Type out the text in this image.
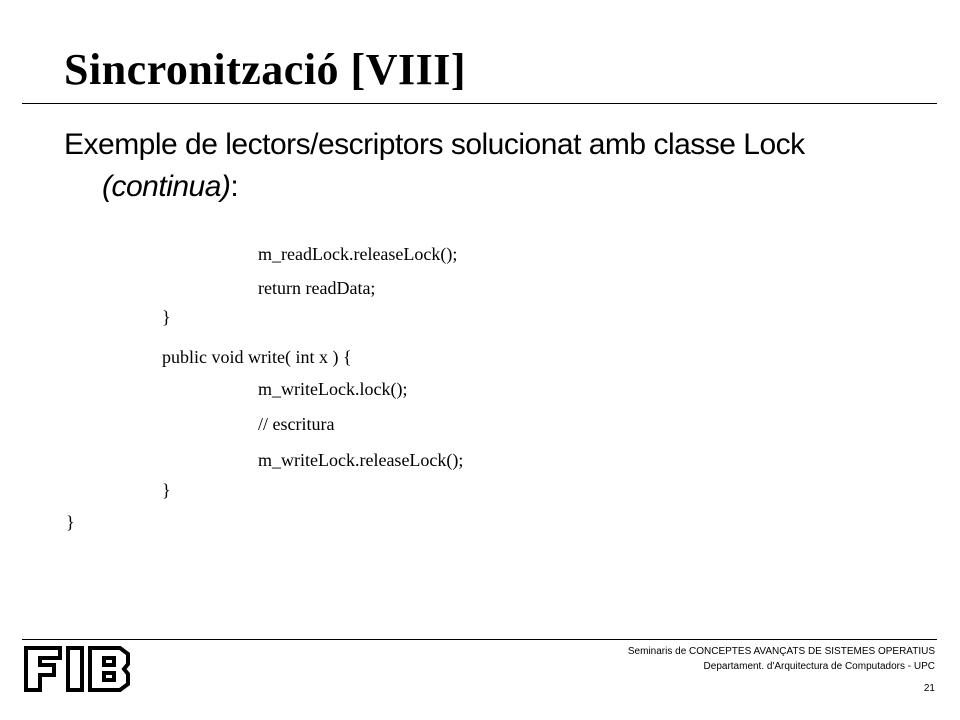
Sincronització [VIII]
Exemple de lectors/escriptors solucionat amb classe Lock
(continua):
m_readLock.releaseLock();
return readData;
}
public void write( int x ) {
m_writeLock.lock();
// escritura
m_writeLock.releaseLock();
}
}
Seminaris de CONCEPTES AVANÇATS DE SISTEMES OPERATIUS
Departament. d'Arquitectura de Computadors - UPC
21
